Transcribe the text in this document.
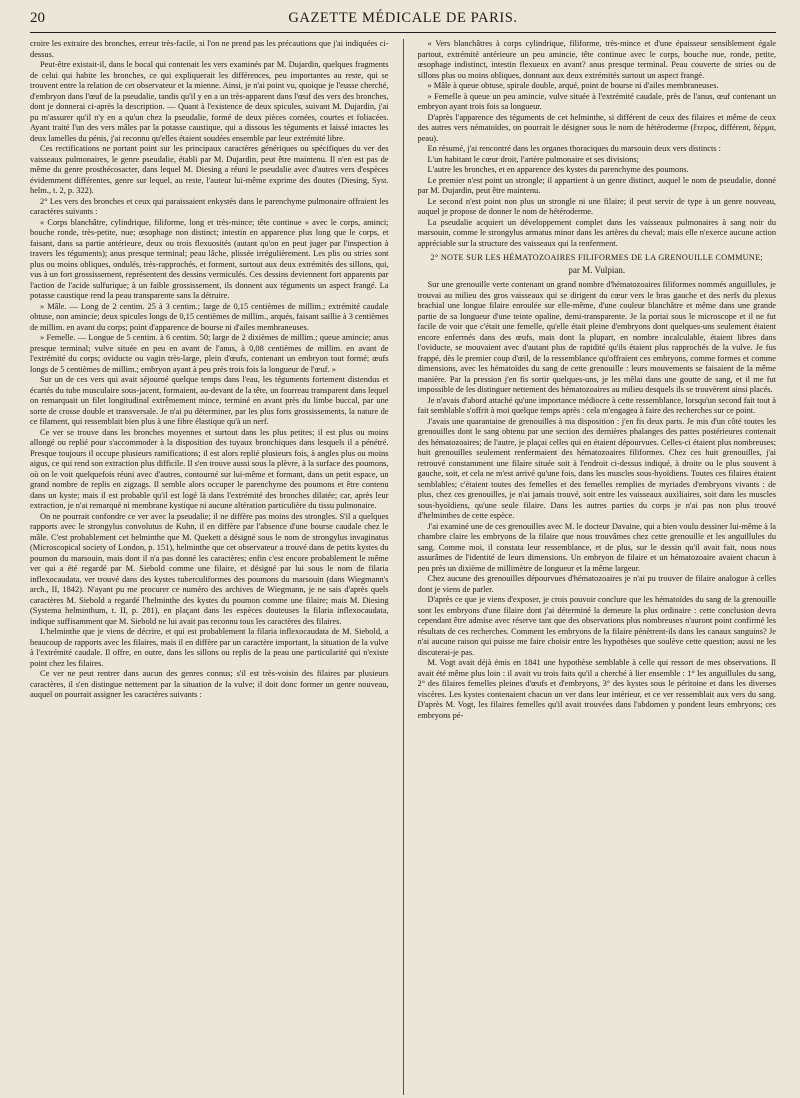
20	GAZETTE MÉDICALE DE PARIS.

croire les extraire des bronches, erreur très-facile, si l'on ne prend pas les précautions que j'ai indiquées ci-dessus.

Peut-être existait-il, dans le bocal qui contenait les vers examinés par M. Dujardin, quelques fragments de celui qui habite les bronches, ce qui expliquerait les différences, peu importantes au reste, qui se trouvent entre la relation de cet observateur et la mienne. Ainsi, je n'ai point vu, quoique je l'eusse cherché, d'embryon dans l'œuf de la pseudalie, tandis qu'il y en a un très-apparent dans l'œuf des vers des bronches, dont je donnerai ci-après la description. — Quant à l'existence de deux spicules, suivant M. Dujardin, j'ai pu m'assurer qu'il n'y en a qu'un chez la pseudalie, formé de deux pièces cornées, courtes et foliacées. Ayant traité l'un des vers mâles par la potasse caustique, qui a dissous les téguments et laissé intactes les deux lamelles du pénis, j'ai reconnu qu'elles étaient soudées ensemble par leur extrémité libre.

Ces rectifications ne portant point sur les principaux caractères génériques ou spécifiques du ver des vaisseaux pulmonaires, le genre pseudalie, établi par M. Dujardin, peut être maintenu. Il n'en est pas de même du genre prosthécosacter, dans lequel M. Diesing a réuni le pseudalie avec d'autres vers d'espèces évidemment différentes, genre sur lequel, au reste, l'auteur lui-même exprime des doutes (Diesing, Syst. helm., t. 2, p. 322).

2° Les vers des bronches et ceux qui paraissaient enkystés dans le parenchyme pulmonaire offraient les caractères suivants :

« Corps blanchâtre, cylindrique, filiforme, long et très-mince; tête continue » avec le corps, aminci; bouche ronde, très-petite, nue; œsophage non distinct; intestin en apparence plus long que le corps, et faisant, dans sa partie antérieure, deux ou trois flexuosités (autant qu'on en peut juger par l'inspection à travers les téguments); anus presque terminal; peau lâche, plissée irrégulièrement. Les plis ou stries sont plus ou moins obliques, ondulés, très-rapprochés, et forment, surtout aux deux extrémités des sillons, qui, vus à un fort grossissement, représentent des dessins vermiculés. Ces dessins deviennent fort apparents par l'action de l'acide sulfurique; à un faible grossissement, ils donnent aux téguments un aspect frangé. La potasse caustique rend la peau transparente sans la détruire.

» Mâle. — Long de 2 centim. 25 à 3 centim.; large de 0,15 centièmes de millim.; extrémité caudale obtuse, non amincie; deux spicules longs de 0,15 centièmes de millim., arqués, faisant saillie à 3 centièmes de millim. en avant du corps; point d'apparence de bourse ni d'ailes membraneuses.

» Femelle. — Longue de 5 centim. à 6 centim. 50; large de 2 dixièmes de millim.; queue amincie; anus presque terminal; vulve située en peu en avant de l'anus, à 0,08 centièmes de millim. en avant de l'extrémité du corps; oviducte ou vagin très-large, plein d'œufs, contenant un embryon tout formé; œufs longs de 5 centièmes de millim.; embryon ayant à peu près trois fois la longueur de l'œuf. »

Sur un de ces vers qui avait séjourné quelque temps dans l'eau, les téguments fortement distendus et écartés du tube musculaire sous-jacent, formaient, au-devant de la tête, un fourreau transparent dans lequel on remarquait un filet longitudinal extrêmement mince, terminé en avant près du limbe buccal, par une sorte de crosse double et transversale. Je n'ai pu déterminer, par les plus forts grossissements, la nature de ce filament, qui ressemblait bien plus à une fibre élastique qu'à un nerf.

Ce ver se trouve dans les bronches moyennes et surtout dans les plus petites; il est plus ou moins allongé ou replié pour s'accommoder à la disposition des tuyaux bronchiques dans lesquels il a pénétré. Presque toujours il occupe plusieurs ramifications; il est alors replié plusieurs fois, à angles plus ou moins aigus, ce qui rend son extraction plus difficile. Il s'en trouve aussi sous la plèvre, à la surface des poumons, où on le voit quelquefois réuni avec d'autres, contourné sur lui-même et formant, dans un petit espace, un grand nombre de replis en zigzags. Il semble alors occuper le parenchyme des poumons et être contenu dans un kyste; mais il est probable qu'il est logé là dans l'extrémité des bronches dilatée; car, après leur extraction, je n'ai remarqué ni membrane kystique ni aucune altération particulière du tissu pulmonaire.

On ne pourrait confondre ce ver avec la pseudalie; il ne diffère pas moins des strongles. S'il a quelques rapports avec le strongylus convolutus de Kuhn, il en diffère par l'absence d'une bourse caudale chez le mâle. C'est probablement cet helminthe que M. Quekett a désigné sous le nom de strongylus invaginatus (Microscopical society of London, p. 151), helminthe que cet observateur a trouvé dans de petits kystes du poumon du marsouin, mais dont il n'a pas donné les caractères; enfin c'est encore probablement le même ver qui a été regardé par M. Siebold comme une filaire, et désigné par lui sous le nom de filaria inflexocaudata, ver trouvé dans des kystes tuberculiformes des poumons du marsouin (dans Wiegmann's arch., II, 1842). N'ayant pu me procurer ce numéro des archives de Wiegmann, je ne sais d'après quels caractères M. Siebold a regardé l'helminthe des kystes du poumon comme une filaire; mais M. Diesing (Systema helminthum, t. II, p. 281), en plaçant dans les espèces douteuses la filaria inflexocaudata, indique suffisamment que M. Siebold ne lui avait pas reconnu tous les caractères des filaires.

L'helminthe que je viens de décrire, et qui est probablement la filaria inflexocaudata de M. Siebold, a beaucoup de rapports avec les filaires, mais il en diffère par un caractère important, la situation de la vulve à l'extrémité caudale. Il offre, en outre, dans les sillons ou replis de la peau une particularité qui n'existe point chez les filaires.

Ce ver ne peut rentrer dans aucun des genres connus; s'il est très-voisin des filaires par plusieurs caractères, il s'en distingue nettement par la situation de la vulve; il doit donc former un genre nouveau, auquel on pourrait assigner les caractères suivants :

« Vers blanchâtres à corps cylindrique, filiforme, très-mince et d'une épaisseur sensiblement égale partout, extrémité antérieure un peu amincie, tête continue avec le corps, bouche nue, ronde, petite, œsophage indistinct, intestin flexueux en avant? anus presque terminal. Peau couverte de stries ou de sillons plus ou moins obliques, donnant aux deux extrémités surtout un aspect frangé.

» Mâle à queue obtuse, spirale double, arqué, point de bourse ni d'ailes membraneuses.

» Femelle à queue un peu amincie, vulve située à l'extrémité caudale, près de l'anus, œuf contenant un embryon ayant trois fois sa longueur.

D'après l'apparence des téguments de cet helminthe, si différent de ceux des filaires et même de ceux des autres vers nématoïdes, on pourrait le désigner sous le nom de hétéroderme (ἕτερος, différent, δέρμα, peau).

En résumé, j'ai rencontré dans les organes thoraciques du marsouin deux vers distincts :

L'un habitant le cœur droit, l'artère pulmonaire et ses divisions;

L'autre les bronches, et en apparence des kystes du parenchyme des poumons.

Le premier n'est point un strongle; il appartient à un genre distinct, auquel le nom de pseudalie, donné par M. Dujardin, peut être maintenu.

Le second n'est point non plus un strongle ni une filaire; il peut servir de type à un genre nouveau, auquel je propose de donner le nom de hétéroderme.

La pseudalie acquiert un développement complet dans les vaisseaux pulmonaires à sang noir du marsouin, comme le strongylus armatus minor dans les artères du cheval; mais elle n'exerce aucune action appréciable sur la structure des vaisseaux qui la renferment.

2° NOTE SUR LES HÉMATOZOAIRES FILIFORMES DE LA GRENOUILLE COMMUNE;
par M. Vulpian.

Sur une grenouille verte contenant un grand nombre d'hématozoaires filiformes nommés anguillules, je trouvai au milieu des gros vaisseaux qui se dirigent du cœur vers le bras gauche et des nerfs du plexus brachial une longue filaire enroulée sur elle-même, d'une couleur blanchâtre et même dans une grande partie de sa longueur d'une teinte opaline, demi-transparente. Je la portai sous le microscope et il ne fut facile de voir que c'était une femelle, qu'elle était pleine d'embryons dont quelques-uns seulement étaient encore enfermés dans des œufs, mais dont la plupart, en nombre incalculable, étaient libres dans l'oviducte, se mouvaient avec d'autant plus de rapidité qu'ils étaient plus rapprochés de la vulve. Je fus frappé, dès le premier coup d'œil, de la ressemblance qu'offraient ces embryons, comme formes et comme dimensions, avec les hématoïdes du sang de cette grenouille : leurs mouvements se faisaient de la même manière. Par la pression j'en fis sortir quelques-uns, je les mêlai dans une goutte de sang, et il me fut impossible de les distinguer nettement des hématozoaires au milieu desquels ils se trouvèrent ainsi placés.

Je n'avais d'abord attaché qu'une importance médiocre à cette ressemblance, lorsqu'un second fait tout à fait semblable s'offrit à moi quelque temps après : cela m'engagea à faire des recherches sur ce point.

J'avais une quarantaine de grenouilles à ma disposition : j'en fis deux parts. Je mis d'un côté toutes les grenouilles dont le sang obtenu par une section des dernières phalanges des pattes postérieures contenait des hématozoaires; de l'autre, je plaçai celles qui en étaient dépourvues. Celles-ci étaient plus nombreuses; huit grenouilles seulement renfermaient des hématozoaires filiformes. Chez ces huit grenouilles, j'ai retrouvé constamment une filaire située soit à l'endroit ci-dessus indiqué, à droite ou le plus souvent à gauche, soit, et cela ne m'est arrivé qu'une fois, dans les muscles sous-hyoïdiens. Toutes ces filaires étaient semblables; c'étaient toutes des femelles et des femelles remplies de myriades d'embryons vivants : de plus, chez ces grenouilles, je n'ai jamais trouvé, soit entre les vaisseaux auxiliaires, soit dans les muscles sous-hyoïdiens, qu'une seule filaire. Dans les autres parties du corps je n'ai pas non plus trouvé d'helminthes de cette espèce.

J'ai examiné une de ces grenouilles avec M. le docteur Davaine, qui a bien voulu dessiner lui-même à la chambre claire les embryons de la filaire que nous trouvâmes chez cette grenouille et les anguillules du sang. Comme moi, il constata leur ressemblance, et de plus, sur le dessin qu'il avait fait, nous nous assurâmes de l'identité de leurs dimensions. Un embryon de filaire et un hématozoaire avaient chacun à peu près un dixième de millimètre de longueur et la même largeur.

Chez aucune des grenouilles dépourvues d'hématozoaires je n'ai pu trouver de filaire analogue à celles dont je viens de parler.

D'après ce que je viens d'exposer, je crois pouvoir conclure que les hématoïdes du sang de la grenouille sont les embryons d'une filaire dont j'ai déterminé la demeure la plus ordinaire : cette conclusion devra cependant être admise avec réserve tant que des observations plus nombreuses n'auront point confirmé les résultats de ces recherches. Comment les embryons de la filaire pénètrent-ils dans les canaux sanguins? Je n'ai aucune raison qui puisse me faire choisir entre les hypothèses que soulève cette question; aussi ne les discuterai-je pas.

M. Vogt avait déjà émis en 1841 une hypothèse semblable à celle qui ressort de mes observations. Il avait été même plus loin : il avait vu trois faits qu'il a cherché à lier ensemble : 1° les anguillules du sang, 2° des filaires femelles pleines d'œufs et d'embryons, 3° des kystes sous le péritoine et dans les diverses viscères. Les kystes contenaient chacun un ver dans leur intérieur, et ce ver ressemblait aux vers du sang. D'après M. Vogt, les filaires femelles qu'il avait trouvées dans l'abdomen y pondent leurs embryons; ces embryons pé-
